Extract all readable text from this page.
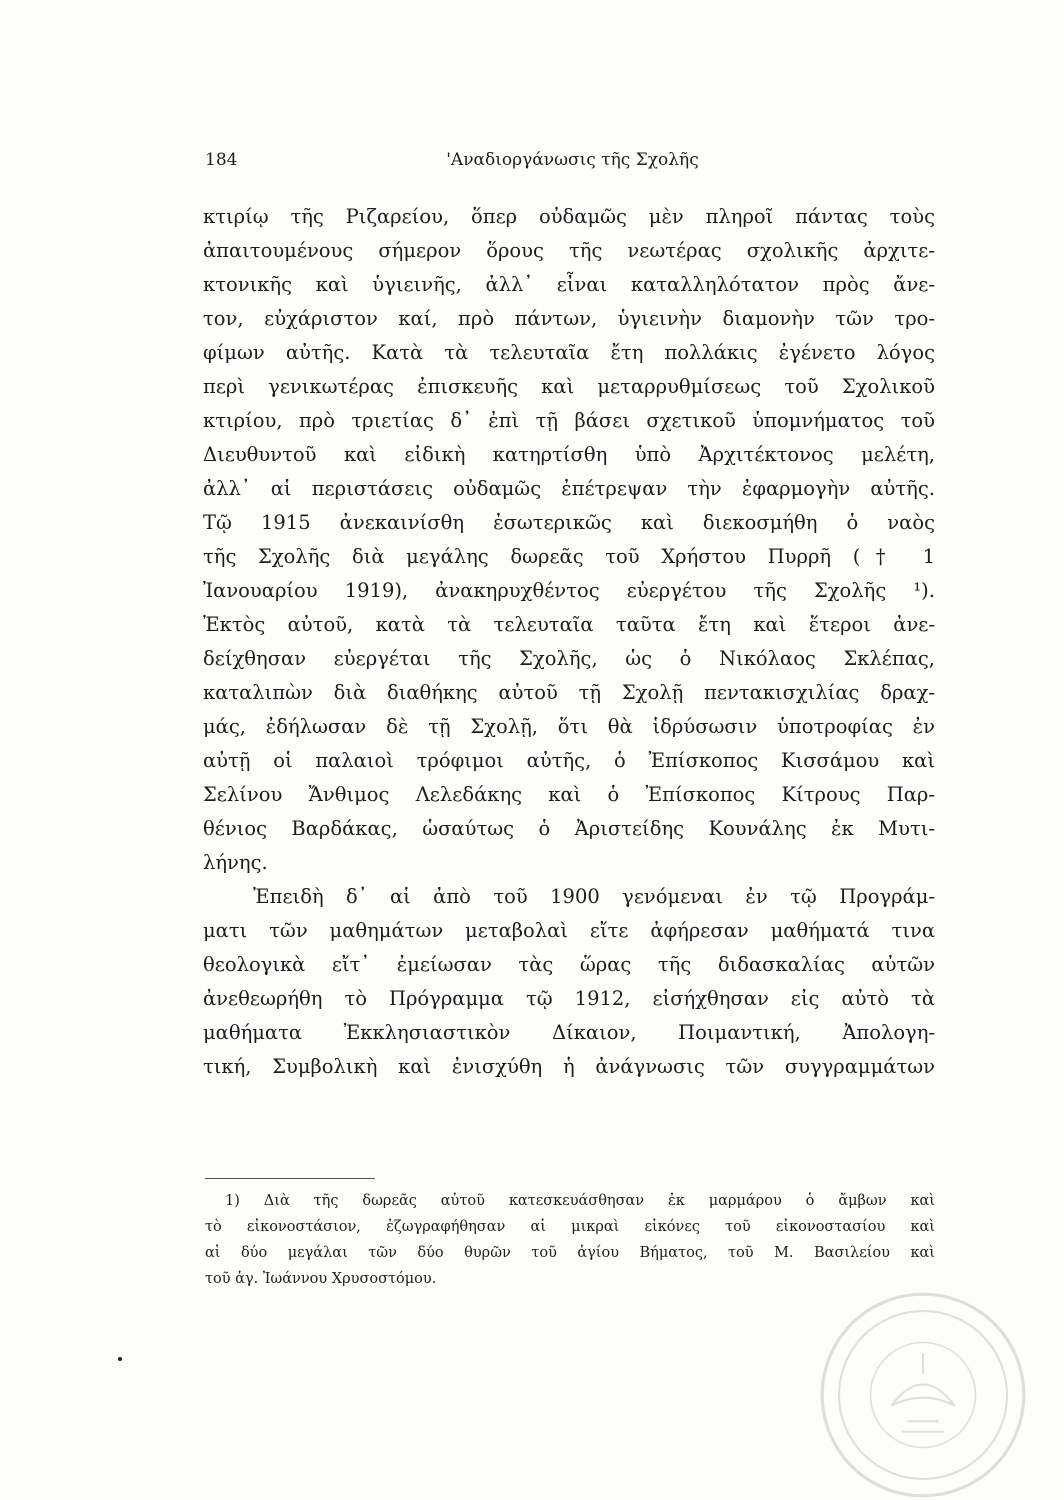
184	'Αναδιοργάνωσις τῆς Σχολῆς
κτιρίῳ τῆς Ριζαρείου, ὅπερ οὐδαμῶς μὲν πληροῖ πάντας τοὺς
ἀπαιτουμένους σήμερον ὅρους τῆς νεωτέρας σχολικῆς ἀρχιτε-
κτονικῆς καὶ ὑγιεινῆς, ἀλλ᾽ εἶναι καταλληλότατον πρὸς ἄνε-
τον, εὐχάριστον καί, πρὸ πάντων, ὑγιεινὴν διαμονὴν τῶν τρο-
φίμων αὐτῆς. Κατὰ τὰ τελευταῖα ἔτη πολλάκις ἐγένετο λόγος
περὶ γενικωτέρας ἐπισκευῆς καὶ μεταρρυθμίσεως τοῦ Σχολικοῦ
κτιρίου, πρὸ τριετίας δ᾽ ἐπὶ τῇ βάσει σχετικοῦ ὑπομνήματος τοῦ
Διευθυντοῦ καὶ εἰδικὴ κατηρτίσθη ὑπὸ Ἀρχιτέκτονος μελέτη,
ἀλλ᾽ αἱ περιστάσεις οὐδαμῶς ἐπέτρεψαν τὴν ἐφαρμογὴν αὐτῆς.
Τῷ 1915 ἀνεκαινίσθη ἐσωτερικῶς καὶ διεκοσμήθη ὁ ναὸς
τῆς Σχολῆς διὰ μεγάλης δωρεᾶς τοῦ Χρήστου Πυρρῆ († 1
Ἰανουαρίου 1919), ἀνακηρυχθέντος εὐεργέτου τῆς Σχολῆς ¹).
Ἐκτὸς αὐτοῦ, κατὰ τὰ τελευταῖα ταῦτα ἔτη καὶ ἕτεροι ἀνε-
δείχθησαν εὐεργέται τῆς Σχολῆς, ὡς ὁ Νικόλαος Σκλέπας,
καταλιπὼν διὰ διαθήκης αὐτοῦ τῇ Σχολῇ πεντακισχιλίας δραχ-
μάς, ἐδήλωσαν δὲ τῇ Σχολῇ, ὅτι θὰ ἱδρύσωσιν ὑποτροφίας ἐν
αὐτῇ οἱ παλαιοὶ τρόφιμοι αὐτῆς, ὁ Ἐπίσκοπος Κισσάμου καὶ
Σελίνου Ἄνθιμος Λελεδάκης καὶ ὁ Ἐπίσκοπος Κίτρους Παρ-
θένιος Βαρδάκας, ὡσαύτως ὁ Ἀριστείδης Κουνάλης ἐκ Μυτι-
λήνης.
Ἐπειδὴ δ᾽ αἱ ἀπὸ τοῦ 1900 γενόμεναι ἐν τῷ Προγράμ-
ματι τῶν μαθημάτων μεταβολαὶ εἴτε ἀφήρεσαν μαθήματά τινα
θεολογικὰ εἴτ᾽ ἐμείωσαν τὰς ὥρας τῆς διδασκαλίας αὐτῶν
ἀνεθεωρήθη τὸ Πρόγραμμα τῷ 1912, εἰσήχθησαν εἰς αὐτὸ τὰ
μαθήματα Ἐκκλησιαστικὸν Δίκαιον, Ποιμαντική, Ἀπολογη-
τική, Συμβολικὴ καὶ ἐνισχύθη ἡ ἀνάγνωσις τῶν συγγραμμάτων
1) Διὰ τῆς δωρεᾶς αὐτοῦ κατεσκευάσθησαν ἐκ μαρμάρου ὁ ἄμβων καὶ
τὸ εἰκονοστάσιον, ἐζωγραφήθησαν αἱ μικραὶ εἰκόνες τοῦ εἰκονοστασίου καὶ
αἱ δύο μεγάλαι τῶν δύο θυρῶν τοῦ ἁγίου Βήματος, τοῦ Μ. Βασιλείου καὶ
τοῦ ἁγ. Ἰωάννου Χρυσοστόμου.
